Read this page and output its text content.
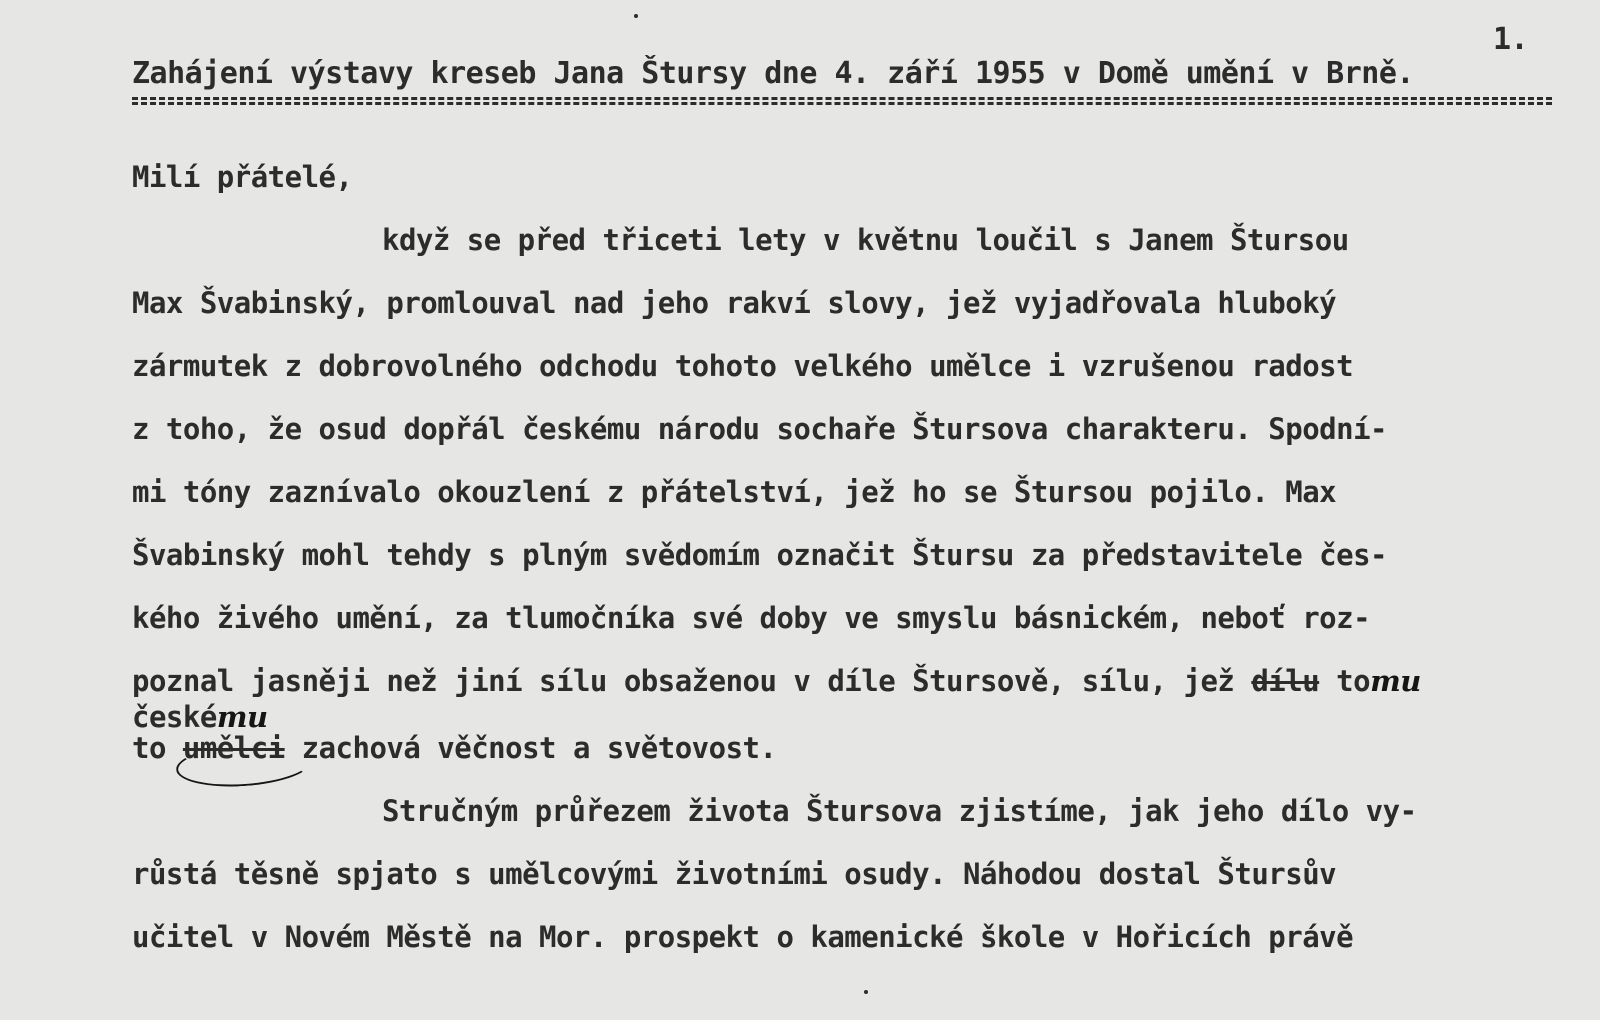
1.
Zahájení výstavy kreseb Jana Štursy dne 4. září 1955 v Domě umění v Brně.
Milí přátelé,
když se před třiceti lety v květnu loučil s Janem Štursou
Max Švabinský, promlouval nad jeho rakví slovy, jež vyjadřovala hluboký
zármutek z dobrovolného odchodu tohoto velkého umělce i vzrušenou radost
z toho, že osud dopřál českému národu sochaře Štursova charakteru. Spodní-
mi tóny zaznívalo okouzlení z přátelství, jež ho se Štursou pojilo. Max
Švabinský mohl tehdy s plným svědomím označit Štursu za představitele čes-
kého živého umění, za tlumočníka své doby ve smyslu básnickém, neboť roz-
poznal jasněji než jiní sílu obsaženou v díle Štursově, sílu, jež dílu tomu
českému
to umělci zachová věčnost a světovost.
Stručným průřezem života Štursova zjistíme, jak jeho dílo vy-
růstá těsně spjato s umělcovými životními osudy. Náhodou dostal Štursův
učitel v Novém Městě na Mor. prospekt o kamenické škole v Hořicích právě
